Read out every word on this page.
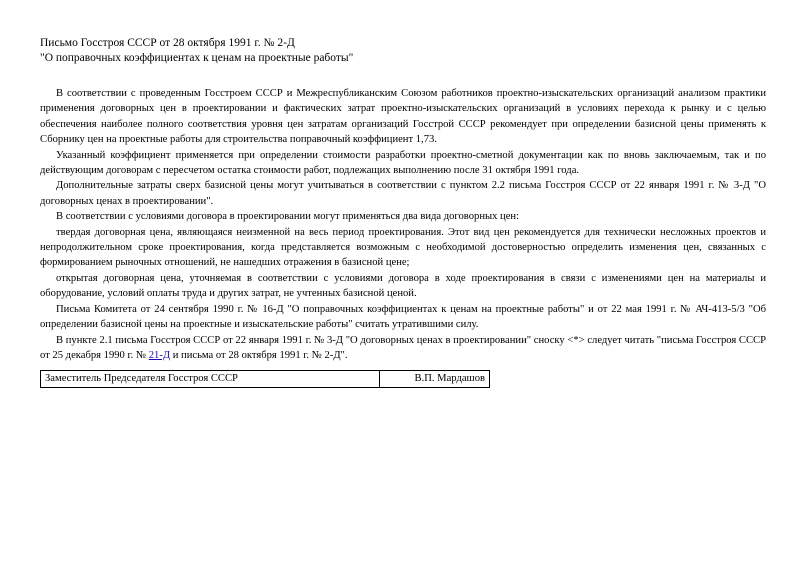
Письмо Госстроя СССР от 28 октября 1991 г. № 2-Д

"О поправочных коэффициентах к ценам на проектные работы"

В соответствии с проведенным Госстроем СССР и Межреспубликанским Союзом работников проектно-изыскательских организаций анализом практики применения договорных цен в проектировании и фактических затрат проектно-изыскательских организаций в условиях перехода к рынку и с целью обеспечения наиболее полного соответствия уровня цен затратам организаций Госстрой СССР рекомендует при определении базисной цены применять к Сборнику цен на проектные работы для строительства поправочный коэффициент 1,73.

Указанный коэффициент применяется при определении стоимости разработки проектно-сметной документации как по вновь заключаемым, так и по действующим договорам с пересчетом остатка стоимости работ, подлежащих выполнению после 31 октября 1991 года.

Дополнительные затраты сверх базисной цены могут учитываться в соответствии с пунктом 2.2 письма Госстроя СССР от 22 января 1991 г. № 3-Д "О договорных ценах в проектировании".

В соответствии с условиями договора в проектировании могут применяться два вида договорных цен:

твердая договорная цена, являющаяся неизменной на весь период проектирования. Этот вид цен рекомендуется для технически несложных проектов и непродолжительном сроке проектирования, когда представляется возможным с необходимой достоверностью определить изменения цен, связанных с формированием рыночных отношений, не нашедших отражения в базисной цене;

открытая договорная цена, уточняемая в соответствии с условиями договора в ходе проектирования в связи с изменениями цен на материалы и оборудование, условий оплаты труда и других затрат, не учтенных базисной ценой.

Письма Комитета от 24 сентября 1990 г. № 16-Д "О поправочных коэффициентах к ценам на проектные работы" и от 22 мая 1991 г. № АЧ-413-5/3 "Об определении базисной цены на проектные и изыскательские работы" считать утратившими силу.

В пункте 2.1 письма Госстроя СССР от 22 января 1991 г. № 3-Д "О договорных ценах в проектировании" сноску <*> следует читать "письма Госстроя СССР от 25 декабря 1990 г. № 21-Д и письма от 28 октября 1991 г. № 2-Д".

Заместитель Председателя Госстроя СССР	В.П. Мардашов
